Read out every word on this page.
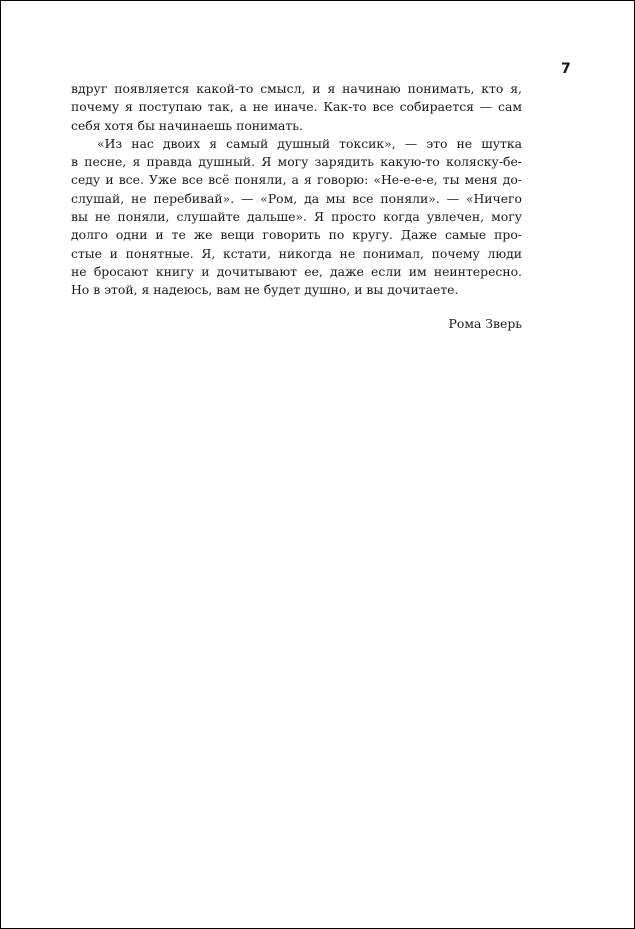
7
вдруг появляется какой-то смысл, и я начинаю понимать, кто я,
почему я поступаю так, а не иначе. Как-то все собирается — сам
себя хотя бы начинаешь понимать.
«Из нас двоих я самый душный токсик», — это не шутка
в песне, я правда душный. Я могу зарядить какую-то коляску-бе-
седу и все. Уже все всё поняли, а я говорю: «Не-е-е-е, ты меня до-
слушай, не перебивай». — «Ром, да мы все поняли». — «Ничего
вы не поняли, слушайте дальше». Я просто когда увлечен, могу
долго одни и те же вещи говорить по кругу. Даже самые про-
стые и понятные. Я, кстати, никогда не понимал, почему люди
не бросают книгу и дочитывают ее, даже если им неинтересно.
Но в этой, я надеюсь, вам не будет душно, и вы дочитаете.
Рома Зверь
